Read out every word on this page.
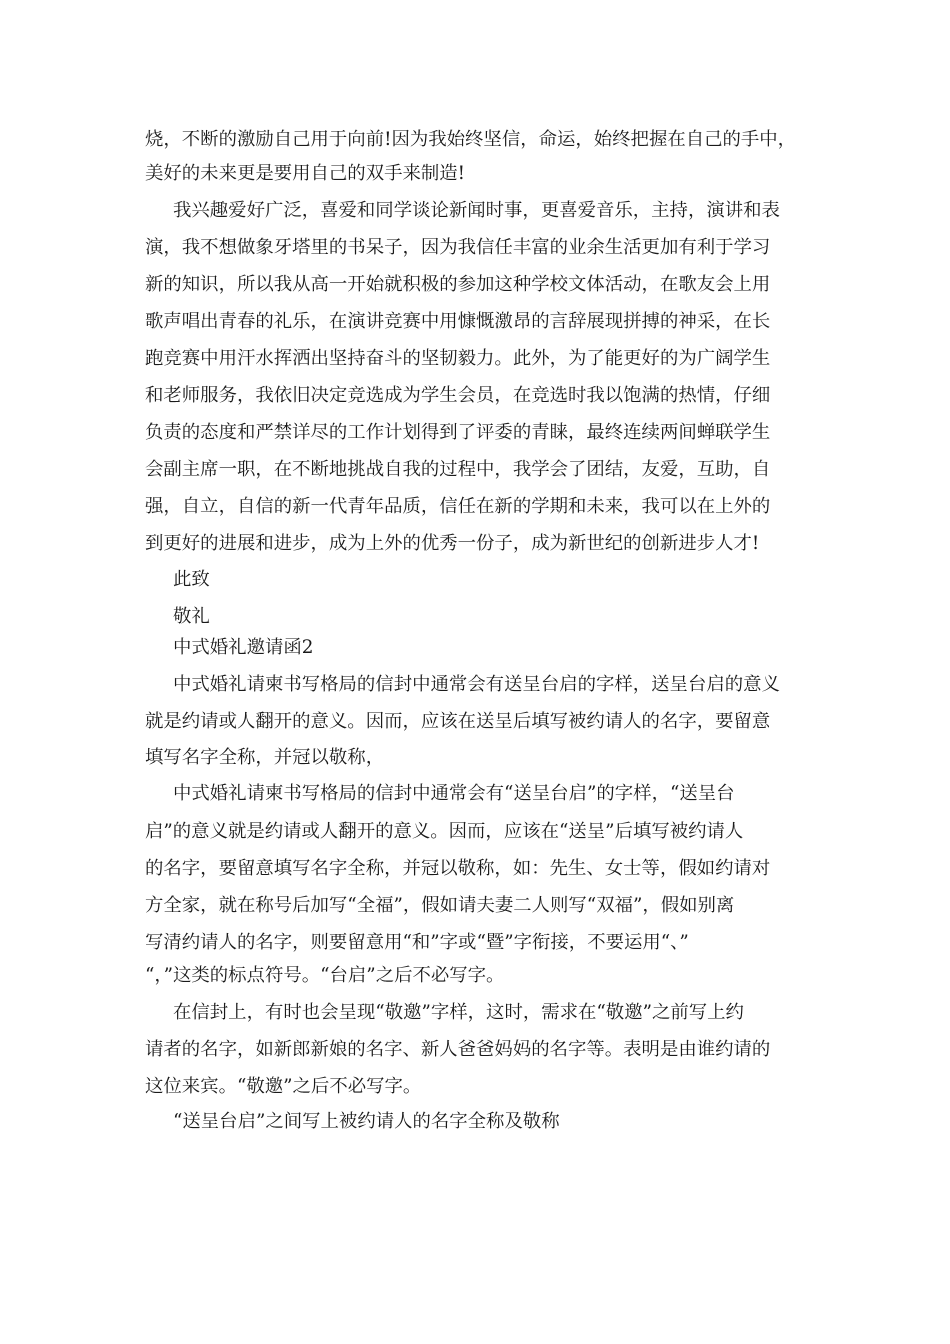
烧，不断的激励自己用于向前!因为我始终坚信，命运，始终把握在自己的手中，
美好的未来更是要用自己的双手来制造!
我兴趣爱好广泛，喜爱和同学谈论新闻时事，更喜爱音乐，主持，演讲和表
演，我不想做象牙塔里的书呆子，因为我信任丰富的业余生活更加有利于学习
新的知识，所以我从高一开始就积极的参加这种学校文体活动，在歌友会上用
歌声唱出青春的礼乐，在演讲竞赛中用慷慨激昂的言辞展现拼搏的神采，在长
跑竞赛中用汗水挥洒出坚持奋斗的坚韧毅力。此外，为了能更好的为广阔学生
和老师服务，我依旧决定竞选成为学生会员，在竞选时我以饱满的热情，仔细
负责的态度和严禁详尽的工作计划得到了评委的青睐，最终连续两间蝉联学生
会副主席一职，在不断地挑战自我的过程中，我学会了团结，友爱，互助，自
强，自立，自信的新一代青年品质，信任在新的学期和未来，我可以在上外的
到更好的进展和进步，成为上外的优秀一份子，成为新世纪的创新进步人才!
此致
敬礼
中式婚礼邀请函2
中式婚礼请柬书写格局的信封中通常会有送呈台启的字样，送呈台启的意义
就是约请或人翻开的意义。因而，应该在送呈后填写被约请人的名字，要留意
填写名字全称，并冠以敬称，
中式婚礼请柬书写格局的信封中通常会有“送呈台启”的字样，“送呈台
启”的意义就是约请或人翻开的意义。因而，应该在“送呈”后填写被约请人
的名字，要留意填写名字全称，并冠以敬称，如：先生、女士等，假如约请对
方全家，就在称号后加写“全福”，假如请夫妻二人则写“双福”，假如别离
写清约请人的名字，则要留意用“和”字或“暨”字衔接，不要运用“、”
“，”这类的标点符号。“台启”之后不必写字。
在信封上，有时也会呈现“敬邀”字样，这时，需求在“敬邀”之前写上约
请者的名字，如新郎新娘的名字、新人爸爸妈妈的名字等。表明是由谁约请的
这位来宾。“敬邀”之后不必写字。
“送呈台启”之间写上被约请人的名字全称及敬称
